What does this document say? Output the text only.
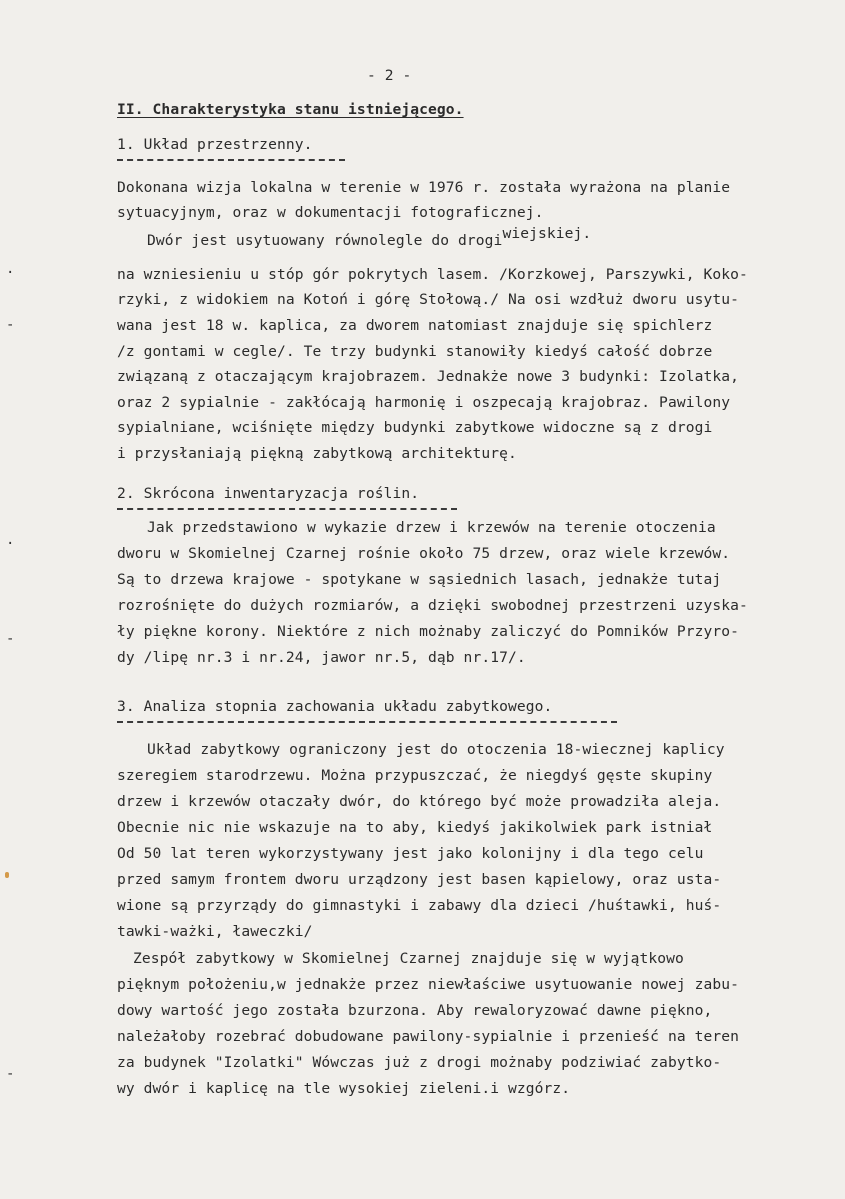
- 2 -
II. Charakterystyka stanu istniejącego.
1. Układ przestrzenny.
Dokonana wizja lokalna w terenie w 1976 r. została wyrażona na planie
sytuacyjnym, oraz w dokumentacji fotograficznej.
Dwór jest usytuowany równolegle do drogiwiejskiej.
na wzniesieniu u stóp gór pokrytych lasem. /Korzkowej, Parszywki, Koko-
rzyki, z widokiem na Kotoń i górę Stołową./ Na osi wzdłuż dworu usytu-
wana jest 18 w. kaplica, za dworem natomiast znajduje się spichlerz
/z gontami w cegle/. Te trzy budynki stanowiły kiedyś całość dobrze
związaną z otaczającym krajobrazem. Jednakże nowe 3 budynki: Izolatka,
oraz 2 sypialnie - zakłócają harmonię i oszpecają krajobraz. Pawilony
sypialniane, wciśnięte między budynki zabytkowe widoczne są z drogi
i przysłaniają piękną zabytkową architekturę.
2. Skrócona inwentaryzacja roślin.
Jak przedstawiono w wykazie drzew i krzewów na terenie otoczenia
dworu w Skomielnej Czarnej rośnie około 75 drzew, oraz wiele krzewów.
Są to drzewa krajowe - spotykane w sąsiednich lasach, jednakże tutaj
rozrośnięte do dużych rozmiarów, a dzięki swobodnej przestrzeni uzyska-
ły piękne korony. Niektóre z nich możnaby zaliczyć do Pomników Przyro-
dy /lipę nr.3 i nr.24, jawor nr.5, dąb nr.17/.
3. Analiza stopnia zachowania układu zabytkowego.
Układ zabytkowy ograniczony jest do otoczenia 18-wiecznej kaplicy
szeregiem starodrzewu. Można przypuszczać, że niegdyś gęste skupiny
drzew i krzewów otaczały dwór, do którego być może prowadziła aleja.
Obecnie nic nie wskazuje na to aby, kiedyś jakikolwiek park istniał
Od 50 lat teren wykorzystywany jest jako kolonijny i dla tego celu
przed samym frontem dworu urządzony jest basen kąpielowy, oraz usta-
wione są przyrządy do gimnastyki i zabawy dla dzieci /huśtawki, huś-
tawki-ważki, ławeczki/
Zespół zabytkowy w Skomielnej Czarnej znajduje się w wyjątkowo
pięknym położeniu,w jednakże przez niewłaściwe usytuowanie nowej zabu-
dowy wartość jego została bzurzona. Aby rewaloryzować dawne piękno,
należałoby rozebrać dobudowane pawilony-sypialnie i przenieść na teren
za budynek "Izolatki" Wówczas już z drogi możnaby podziwiać zabytko-
wy dwór i kaplicę na tle wysokiej zieleni.i wzgórz.
·
-
·
-
-
